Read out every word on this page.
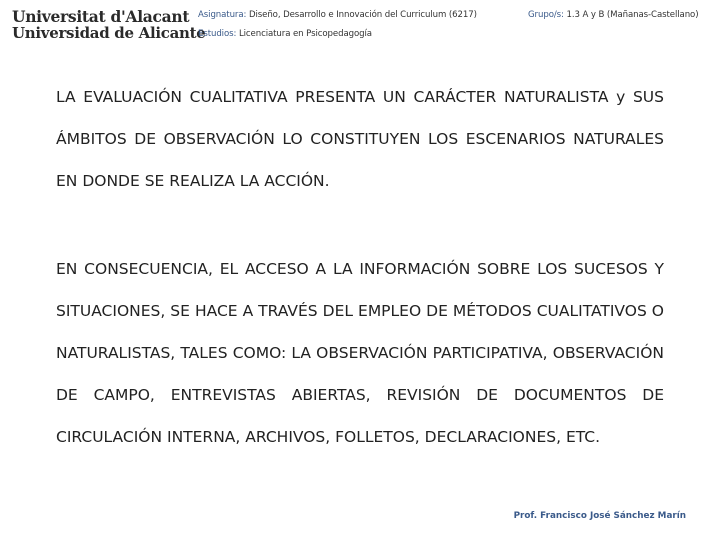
Universitat d'Alacant
Universidad de Alicante
Asignatura: Diseño, Desarrollo e Innovación del Curriculum (6217)	Grupo/s: 1.3 A y B (Mañanas-Castellano)
Estudios: Licenciatura en Psicopedagogía
LA EVALUACIÓN CUALITATIVA PRESENTA UN CARÁCTER NATURALISTA y SUS ÁMBITOS DE OBSERVACIÓN LO CONSTITUYEN LOS ESCENARIOS NATURALES EN DONDE SE REALIZA LA ACCIÓN.
EN CONSECUENCIA, EL ACCESO A LA INFORMACIÓN SOBRE LOS SUCESOS Y SITUACIONES, SE HACE A TRAVÉS DEL EMPLEO DE MÉTODOS CUALITATIVOS O NATURALISTAS, TALES COMO: LA OBSERVACIÓN PARTICIPATIVA, OBSERVACIÓN DE CAMPO, ENTREVISTAS ABIERTAS, REVISIÓN DE DOCUMENTOS DE CIRCULACIÓN INTERNA, ARCHIVOS, FOLLETOS, DECLARACIONES, ETC.
Prof. Francisco José Sánchez Marín
